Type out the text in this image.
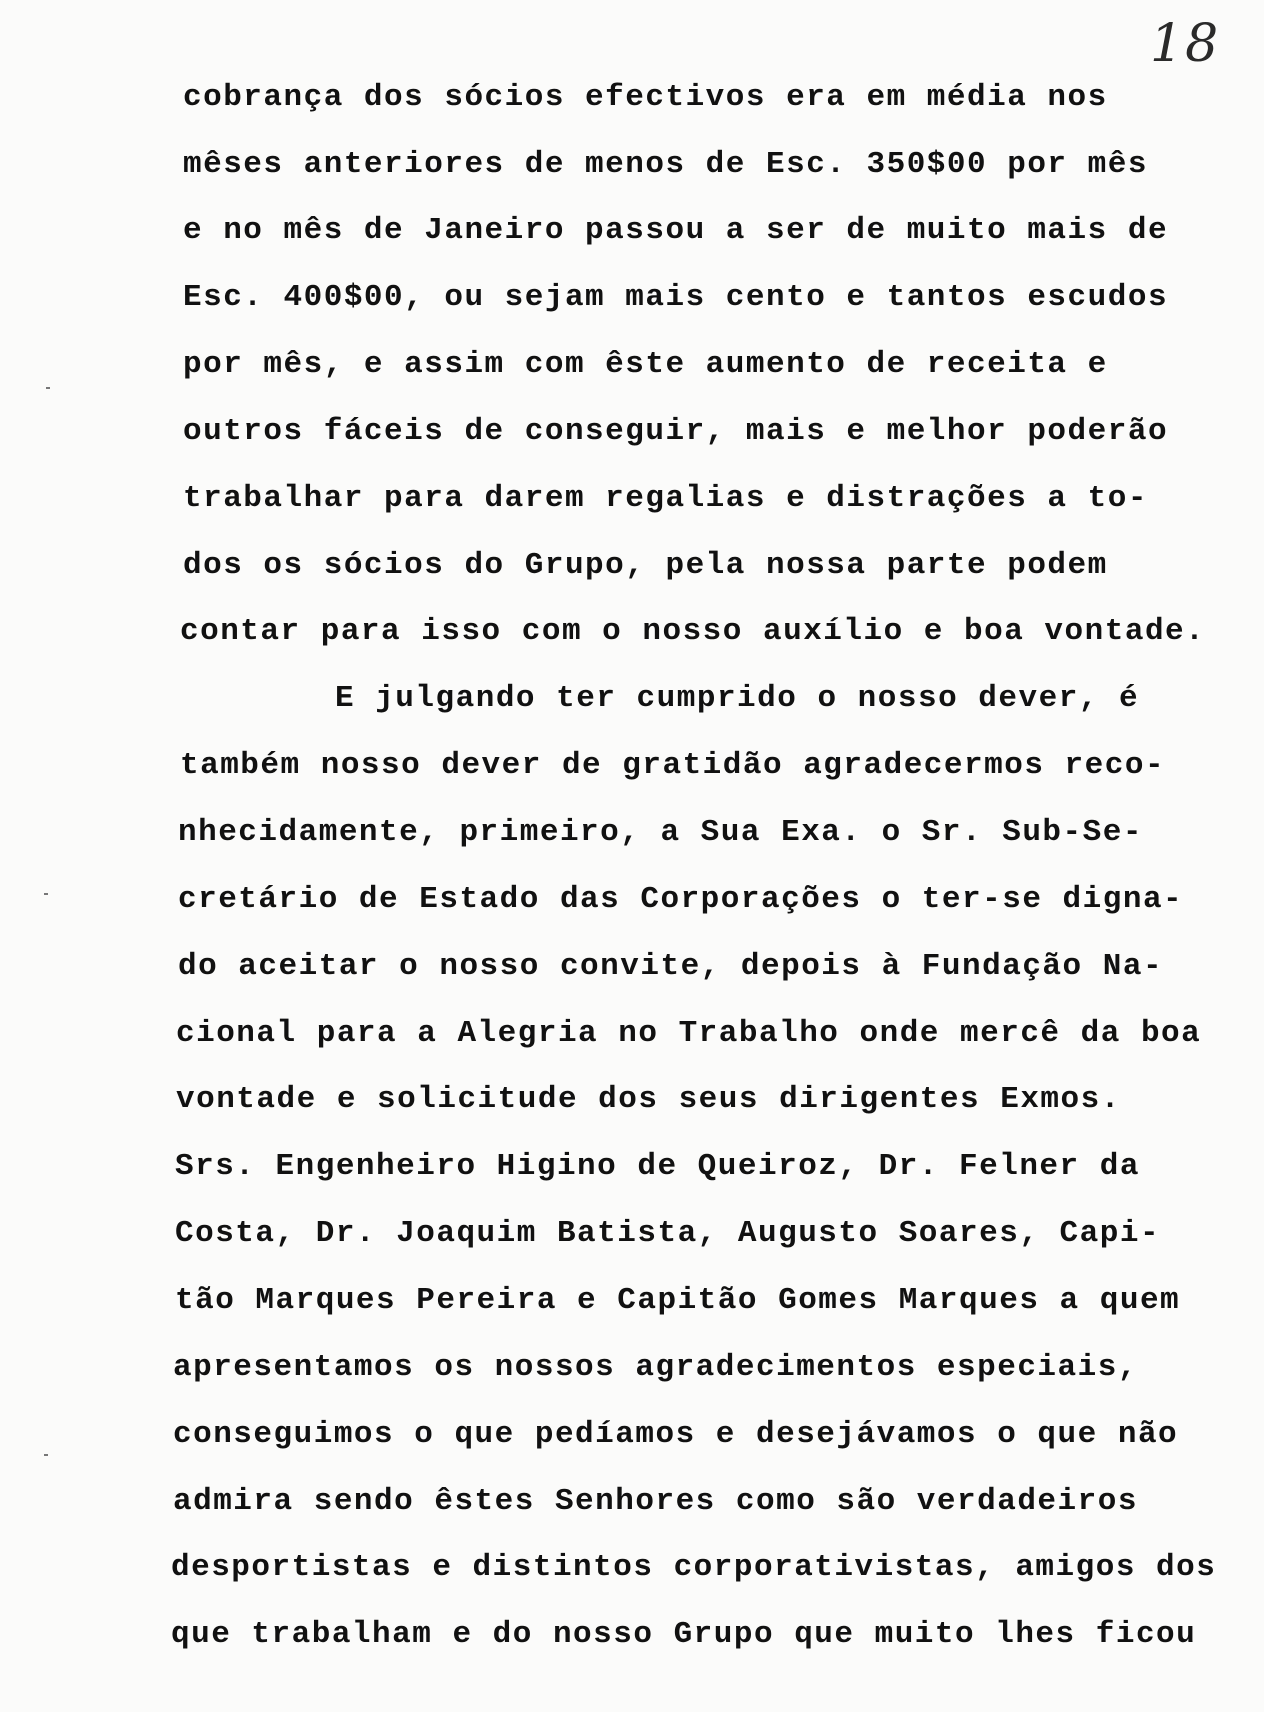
18
cobrança dos sócios efectivos era em média nos
mêses anteriores de menos de Esc. 350$00 por mês
e no mês de Janeiro passou a ser de muito mais de
Esc. 400$00, ou sejam mais cento e tantos escudos
por mês, e assim com êste aumento de receita e
outros fáceis de conseguir, mais e melhor poderão
trabalhar para darem regalias e distrações a to-
dos os sócios do Grupo, pela nossa parte podem
contar para isso com o nosso auxílio e boa vontade.
E julgando ter cumprido o nosso dever, é
também nosso dever de gratidão agradecermos reco-
nhecidamente, primeiro, a Sua Exa. o Sr. Sub-Se-
cretário de Estado das Corporações o ter-se digna-
do aceitar o nosso convite, depois à Fundação Na-
cional para a Alegria no Trabalho onde mercê da boa
vontade e solicitude dos seus dirigentes Exmos.
Srs. Engenheiro Higino de Queiroz, Dr. Felner da
Costa, Dr. Joaquim Batista, Augusto Soares, Capi-
tão Marques Pereira e Capitão Gomes Marques a quem
apresentamos os nossos agradecimentos especiais,
conseguimos o que pedíamos e desejávamos o que não
admira sendo êstes Senhores como são verdadeiros
desportistas e distintos corporativistas, amigos dos
que trabalham e do nosso Grupo que muito lhes ficou
